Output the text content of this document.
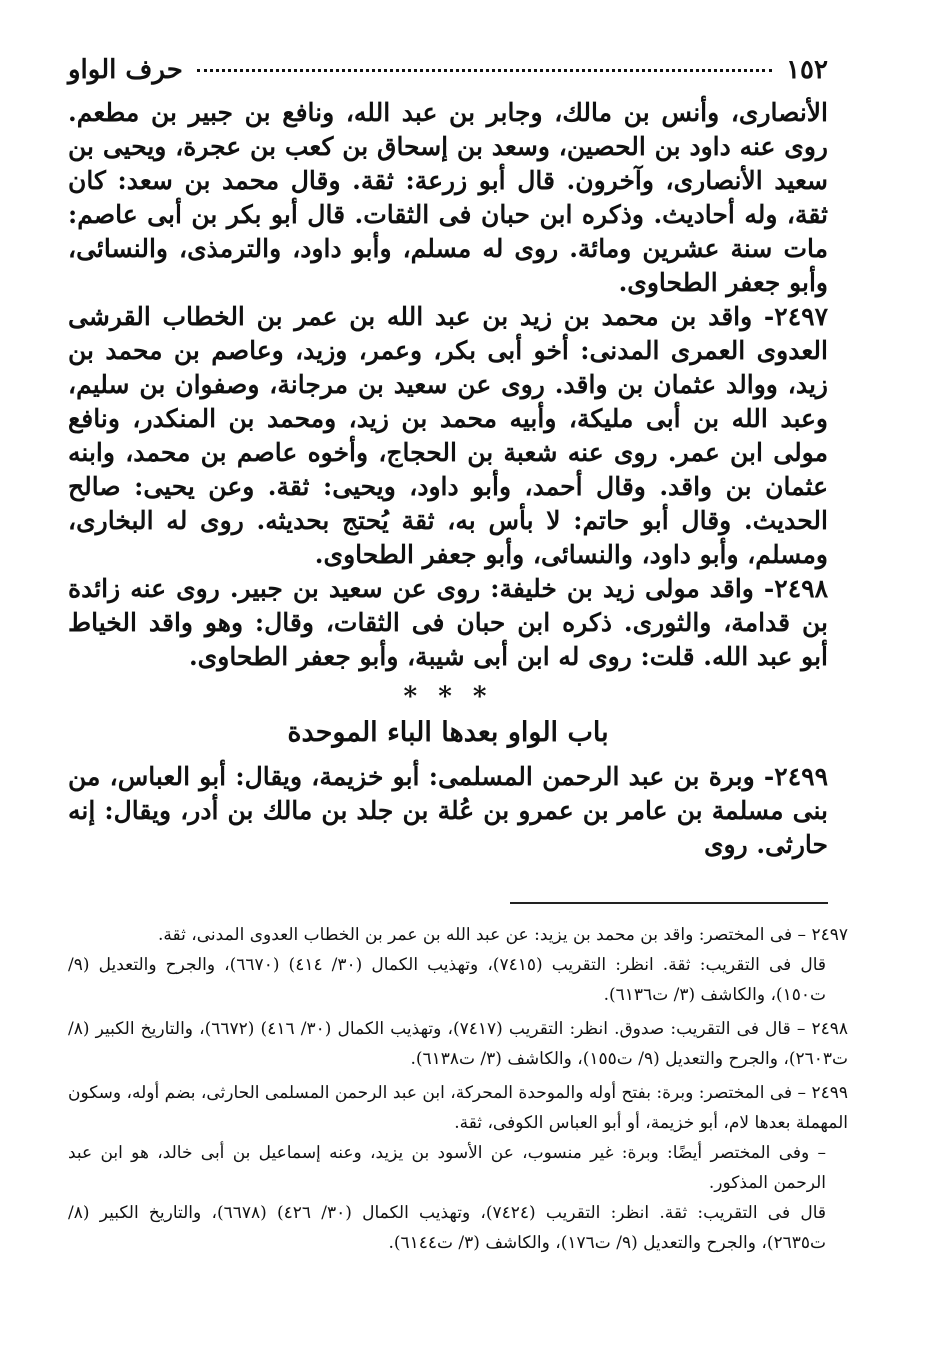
١٥٢
حرف الواو

الأنصارى، وأنس بن مالك، وجابر بن عبد الله، ونافع بن جبير بن مطعم. روى عنه داود بن الحصين، وسعد بن إسحاق بن كعب بن عجرة، ويحيى بن سعيد الأنصارى، وآخرون. قال أبو زرعة: ثقة. وقال محمد بن سعد: كان ثقة، وله أحاديث. وذكره ابن حبان فى الثقات. قال أبو بكر بن أبى عاصم: مات سنة عشرين ومائة. روى له مسلم، وأبو داود، والترمذى، والنسائى، وأبو جعفر الطحاوى.

٢٤٩٧- واقد بن محمد بن زيد بن عبد الله بن عمر بن الخطاب القرشى العدوى العمرى المدنى: أخو أبى بكر، وعمر، وزيد، وعاصم بن محمد بن زيد، ووالد عثمان بن واقد. روى عن سعيد بن مرجانة، وصفوان بن سليم، وعبد الله بن أبى مليكة، وأبيه محمد بن زيد، ومحمد بن المنكدر، ونافع مولى ابن عمر. روى عنه شعبة بن الحجاج، وأخوه عاصم بن محمد، وابنه عثمان بن واقد. وقال أحمد، وأبو داود، ويحيى: ثقة. وعن يحيى: صالح الحديث. وقال أبو حاتم: لا بأس به، ثقة يُحتج بحديثه. روى له البخارى، ومسلم، وأبو داود، والنسائى، وأبو جعفر الطحاوى.

٢٤٩٨- واقد مولى زيد بن خليفة: روى عن سعيد بن جبير. روى عنه زائدة بن قدامة، والثورى. ذكره ابن حبان فى الثقات، وقال: وهو واقد الخياط أبو عبد الله. قلت: روى له ابن أبى شيبة، وأبو جعفر الطحاوى.

* * *
باب الواو بعدها الباء الموحدة

٢٤٩٩- وبرة بن عبد الرحمن المسلمى: أبو خزيمة، ويقال: أبو العباس، من بنى مسلمة بن عامر بن عمرو بن عُلة بن جلد بن مالك بن أدر، ويقال: إنه حارثى. روى

٢٤٩٧ – فى المختصر: واقد بن محمد بن يزيد: عن عبد الله بن عمر بن الخطاب العدوى المدنى، ثقة.
قال فى التقريب: ثقة. انظر: التقريب (٧٤١٥)، وتهذيب الكمال (٣٠/ ٤١٤) (٦٦٧٠)، والجرح والتعديل (٩/ ت١٥٠)، والكاشف (٣/ ت٦١٣٦).
٢٤٩٨ – قال فى التقريب: صدوق. انظر: التقريب (٧٤١٧)، وتهذيب الكمال (٣٠/ ٤١٦) (٦٦٧٢)، والتاريخ الكبير (٨/ ت٢٦٠٣)، والجرح والتعديل (٩/ ت١٥٥)، والكاشف (٣/ ت٦١٣٨).
٢٤٩٩ – فى المختصر: وبرة: بفتح أوله والموحدة المحركة، ابن عبد الرحمن المسلمى الحارثى، بضم أوله، وسكون المهملة بعدها لام، أبو خزيمة، أو أبو العباس الكوفى، ثقة.
– وفى المختصر أيضًا: وبرة: غير منسوب، عن الأسود بن يزيد، وعنه إسماعيل بن أبى خالد، هو ابن عبد الرحمن المذكور.
قال فى التقريب: ثقة. انظر: التقريب (٧٤٢٤)، وتهذيب الكمال (٣٠/ ٤٢٦) (٦٦٧٨)، والتاريخ الكبير (٨/ ت٢٦٣٥)، والجرح والتعديل (٩/ ت١٧٦)، والكاشف (٣/ ت٦١٤٤).
